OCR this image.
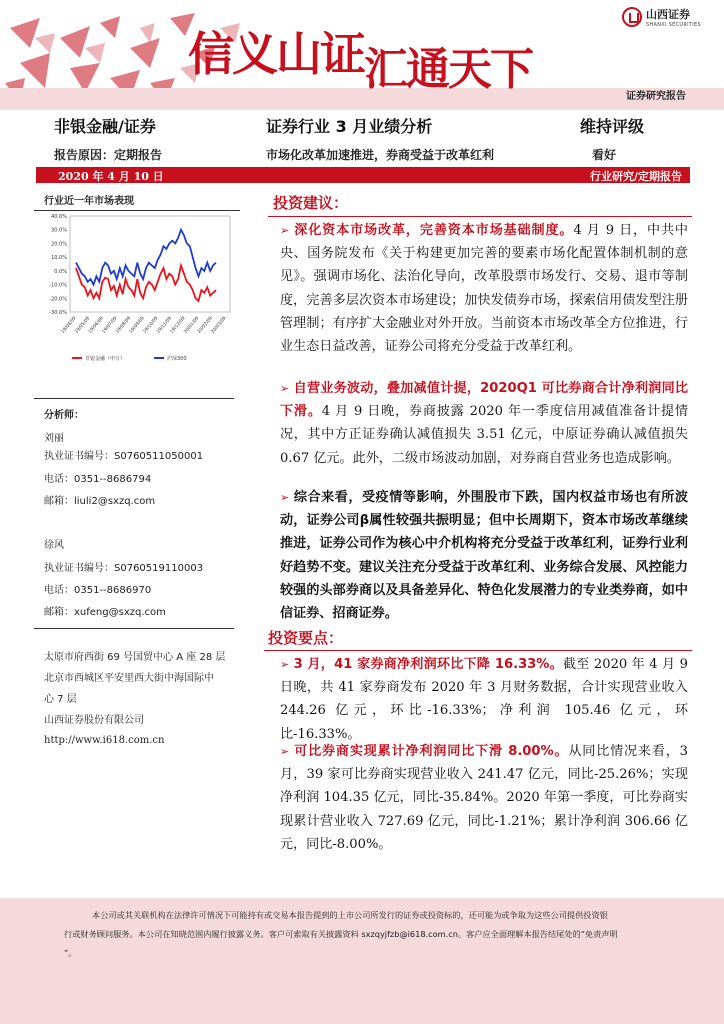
信义山证汇通天下
山西证券
SHANXI SECURITIES
证券研究报告
非银金融/证券	证券行业 3 月业绩分析	维持评级
报告原因：定期报告	市场化改革加速推进，券商受益于改革红利	看好
2020 年 4 月 10 日	行业研究/定期报告
行业近一年市场表现
40.0%
30.0%
20.0%
10.0%
0.0%
-10.0%
-20.0%
-30.0%
19/04/09
19/05/09
19/06/09
19/07/09
19/08/09
19/09/09
19/10/09
19/11/09
19/12/09
20/01/09
20/02/09
20/03/09
非银金融（申万）	沪深300
分析师：
刘丽
执业证书编号：S0760511050001
电话：0351--8686794
邮箱：liuli2@sxzq.com
徐风
执业证书编号：S0760519110003
电话：0351--8686970
邮箱：xufeng@sxzq.com
太原市府西街 69 号国贸中心 A 座 28 层
北京市西城区平安里西大街中海国际中
心 7 层
山西证券股份有限公司
http://www.i618.com.cn
投资建议：
➢ 深化资本市场改革，完善资本市场基础制度。4 月 9 日，中共中央、国务院发布《关于构建更加完善的要素市场化配置体制机制的意见》。强调市场化、法治化导向，改革股票市场发行、交易、退市等制度，完善多层次资本市场建设；加快发债券市场，探索信用债发型注册管理制；有序扩大金融业对外开放。当前资本市场改革全方位推进，行业生态日益改善，证券公司将充分受益于改革红利。
➢ 自营业务波动，叠加减值计提，2020Q1 可比券商合计净利润同比下滑。4 月 9 日晚，券商披露 2020 年一季度信用减值准备计提情况，其中方正证券确认减值损失 3.51 亿元，中原证券确认减值损失 0.67 亿元。此外，二级市场波动加剧，对券商自营业务也造成影响。
➢ 综合来看，受疫情等影响，外围股市下跌，国内权益市场也有所波动，证券公司β属性较强共振明显；但中长周期下，资本市场改革继续推进，证券公司作为核心中介机构将充分受益于改革红利，证券行业利好趋势不变。建议关注充分受益于改革红利、业务综合发展、风控能力较强的头部券商以及具备差异化、特色化发展潜力的专业类券商，如中信证券、招商证券。
投资要点：
➢ 3 月，41 家券商净利润环比下降 16.33%。截至 2020 年 4 月 9 日晚，共 41 家券商发布 2020 年 3 月财务数据，合计实现营业收入 244.26 亿元，环比-16.33%；净利润 105.46 亿元，环比-16.33%。
➢ 可比券商实现累计净利润同比下滑 8.00%。从同比情况来看，3 月，39 家可比券商实现营业收入 241.47 亿元，同比-25.26%；实现净利润 104.35 亿元，同比-35.84%。2020 年第一季度，可比券商实现累计营业收入 727.69 亿元，同比-1.21%；累计净利润 306.66 亿元，同比-8.00%。

本公司或其关联机构在法律许可情况下可能持有或交易本报告提到的上市公司所发行的证券或投资标的，还可能为或争取为这些公司提供投资银

行或财务顾问服务。本公司在知晓范围内履行披露义务。客户可索取有关披露资料 sxzqyjfzb@i618.com.cn。客户应全面理解本报告结尾处的“免责声明

”。
